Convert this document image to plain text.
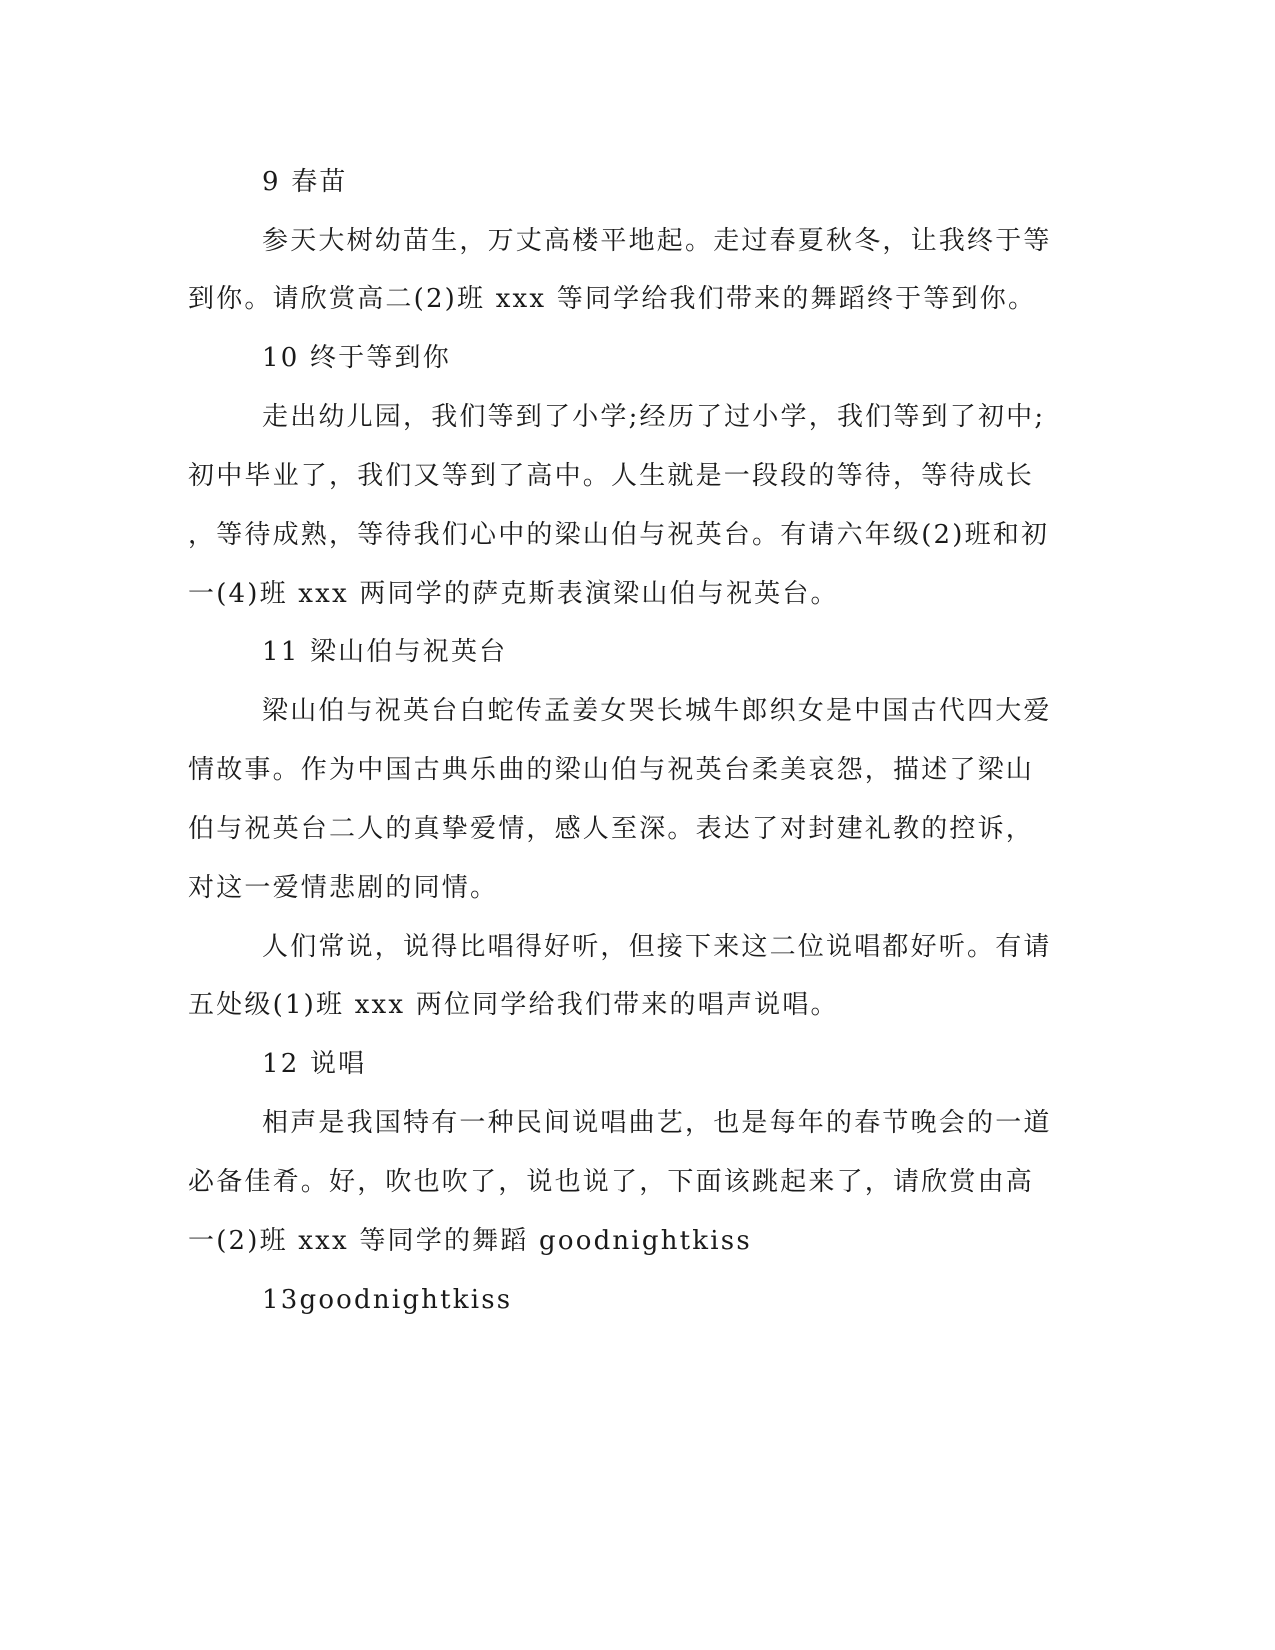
9 春苗
参天大树幼苗生，万丈高楼平地起。走过春夏秋冬，让我终于等
到你。请欣赏高二(2)班 xxx 等同学给我们带来的舞蹈终于等到你。
10 终于等到你
走出幼儿园，我们等到了小学;经历了过小学，我们等到了初中;
初中毕业了，我们又等到了高中。人生就是一段段的等待，等待成长
，等待成熟，等待我们心中的梁山伯与祝英台。有请六年级(2)班和初
一(4)班 xxx 两同学的萨克斯表演梁山伯与祝英台。
11 梁山伯与祝英台
梁山伯与祝英台白蛇传孟姜女哭长城牛郎织女是中国古代四大爱
情故事。作为中国古典乐曲的梁山伯与祝英台柔美哀怨，描述了梁山
伯与祝英台二人的真挚爱情，感人至深。表达了对封建礼教的控诉，
对这一爱情悲剧的同情。
人们常说，说得比唱得好听，但接下来这二位说唱都好听。有请
五处级(1)班 xxx 两位同学给我们带来的唱声说唱。
12 说唱
相声是我国特有一种民间说唱曲艺，也是每年的春节晚会的一道
必备佳肴。好，吹也吹了，说也说了，下面该跳起来了，请欣赏由高
一(2)班 xxx 等同学的舞蹈 goodnightkiss
13goodnightkiss
